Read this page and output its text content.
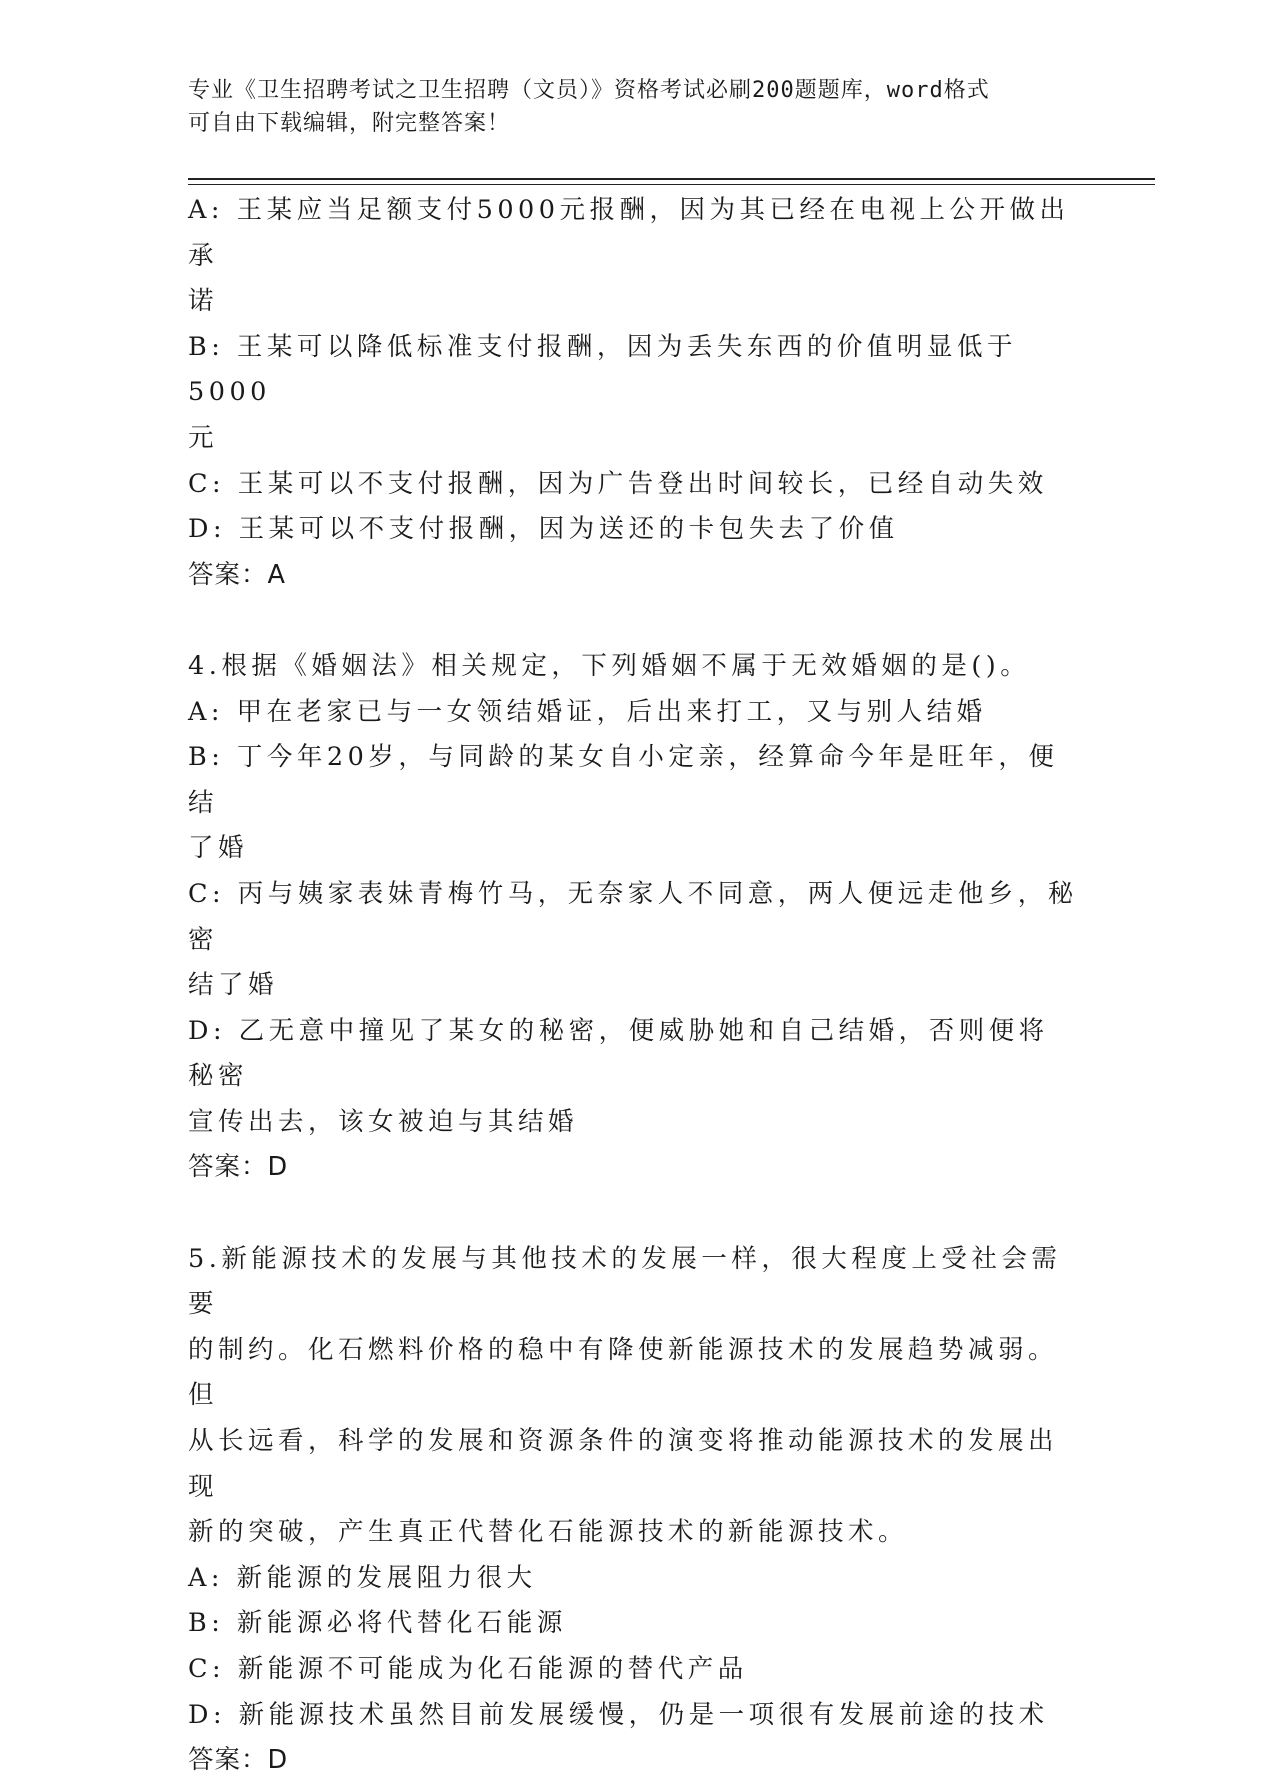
专业《卫生招聘考试之卫生招聘（文员）》资格考试必刷200题题库，word格式
可自由下载编辑，附完整答案！
A: 王某应当足额支付5000元报酬，因为其已经在电视上公开做出承
诺
B: 王某可以降低标准支付报酬，因为丢失东西的价值明显低于5000
元
C: 王某可以不支付报酬，因为广告登出时间较长，已经自动失效
D: 王某可以不支付报酬，因为送还的卡包失去了价值
答案：A
4.根据《婚姻法》相关规定，下列婚姻不属于无效婚姻的是()。
A: 甲在老家已与一女领结婚证，后出来打工，又与别人结婚
B: 丁今年20岁，与同龄的某女自小定亲，经算命今年是旺年，便结
了婚
C: 丙与姨家表妹青梅竹马，无奈家人不同意，两人便远走他乡，秘密
结了婚
D: 乙无意中撞见了某女的秘密，便威胁她和自己结婚，否则便将秘密
宣传出去，该女被迫与其结婚
答案：D
5.新能源技术的发展与其他技术的发展一样，很大程度上受社会需要
的制约。化石燃料价格的稳中有降使新能源技术的发展趋势减弱。但
从长远看，科学的发展和资源条件的演变将推动能源技术的发展出现
新的突破，产生真正代替化石能源技术的新能源技术。
A: 新能源的发展阻力很大
B: 新能源必将代替化石能源
C: 新能源不可能成为化石能源的替代产品
D: 新能源技术虽然目前发展缓慢，仍是一项很有发展前途的技术
答案：D
